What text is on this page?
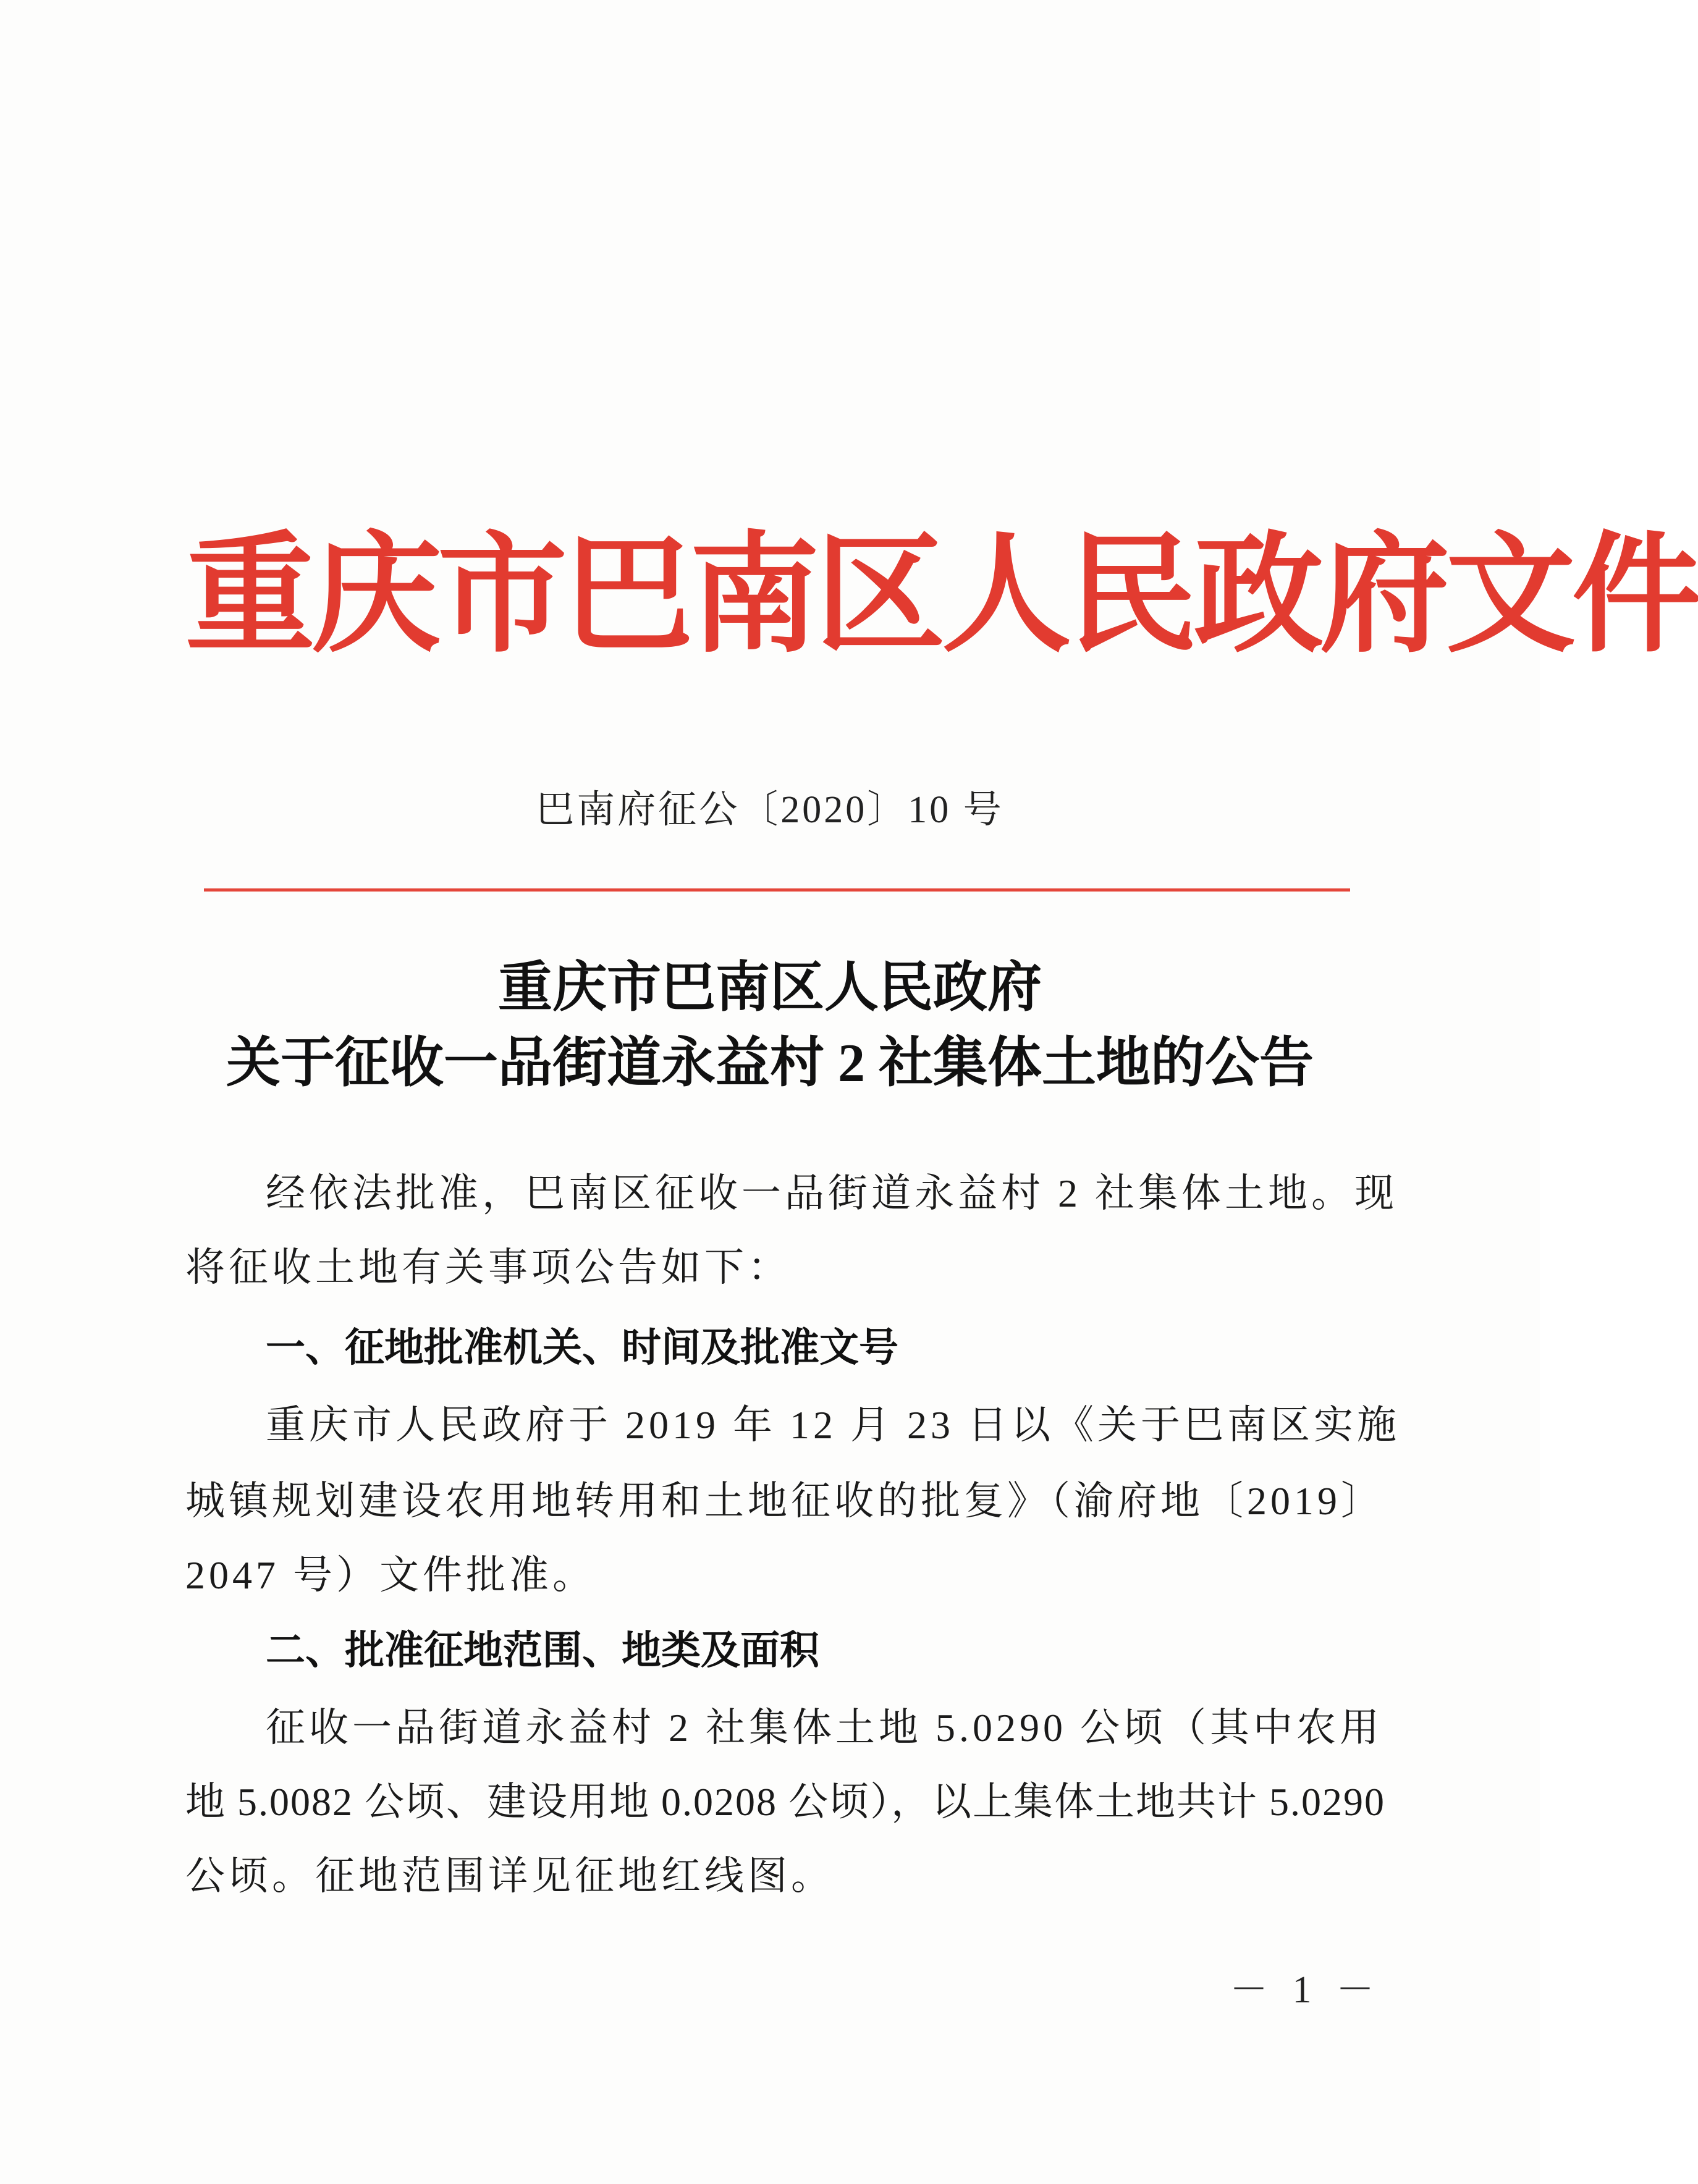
重庆市巴南区人民政府文件
巴南府征公〔2020〕10 号
重庆市巴南区人民政府
关于征收一品街道永益村 2 社集体土地的公告
经依法批准，巴南区征收一品街道永益村 2 社集体土地。现
将征收土地有关事项公告如下：
一、征地批准机关、时间及批准文号
重庆市人民政府于 2019 年 12 月 23 日以《关于巴南区实施
城镇规划建设农用地转用和土地征收的批复》（渝府地〔2019〕
2047 号）文件批准。
二、批准征地范围、地类及面积
征收一品街道永益村 2 社集体土地 5.0290 公顷（其中农用
地 5.0082 公顷、建设用地 0.0208 公顷），以上集体土地共计 5.0290
公顷。征地范围详见征地红线图。
－ 1 －
